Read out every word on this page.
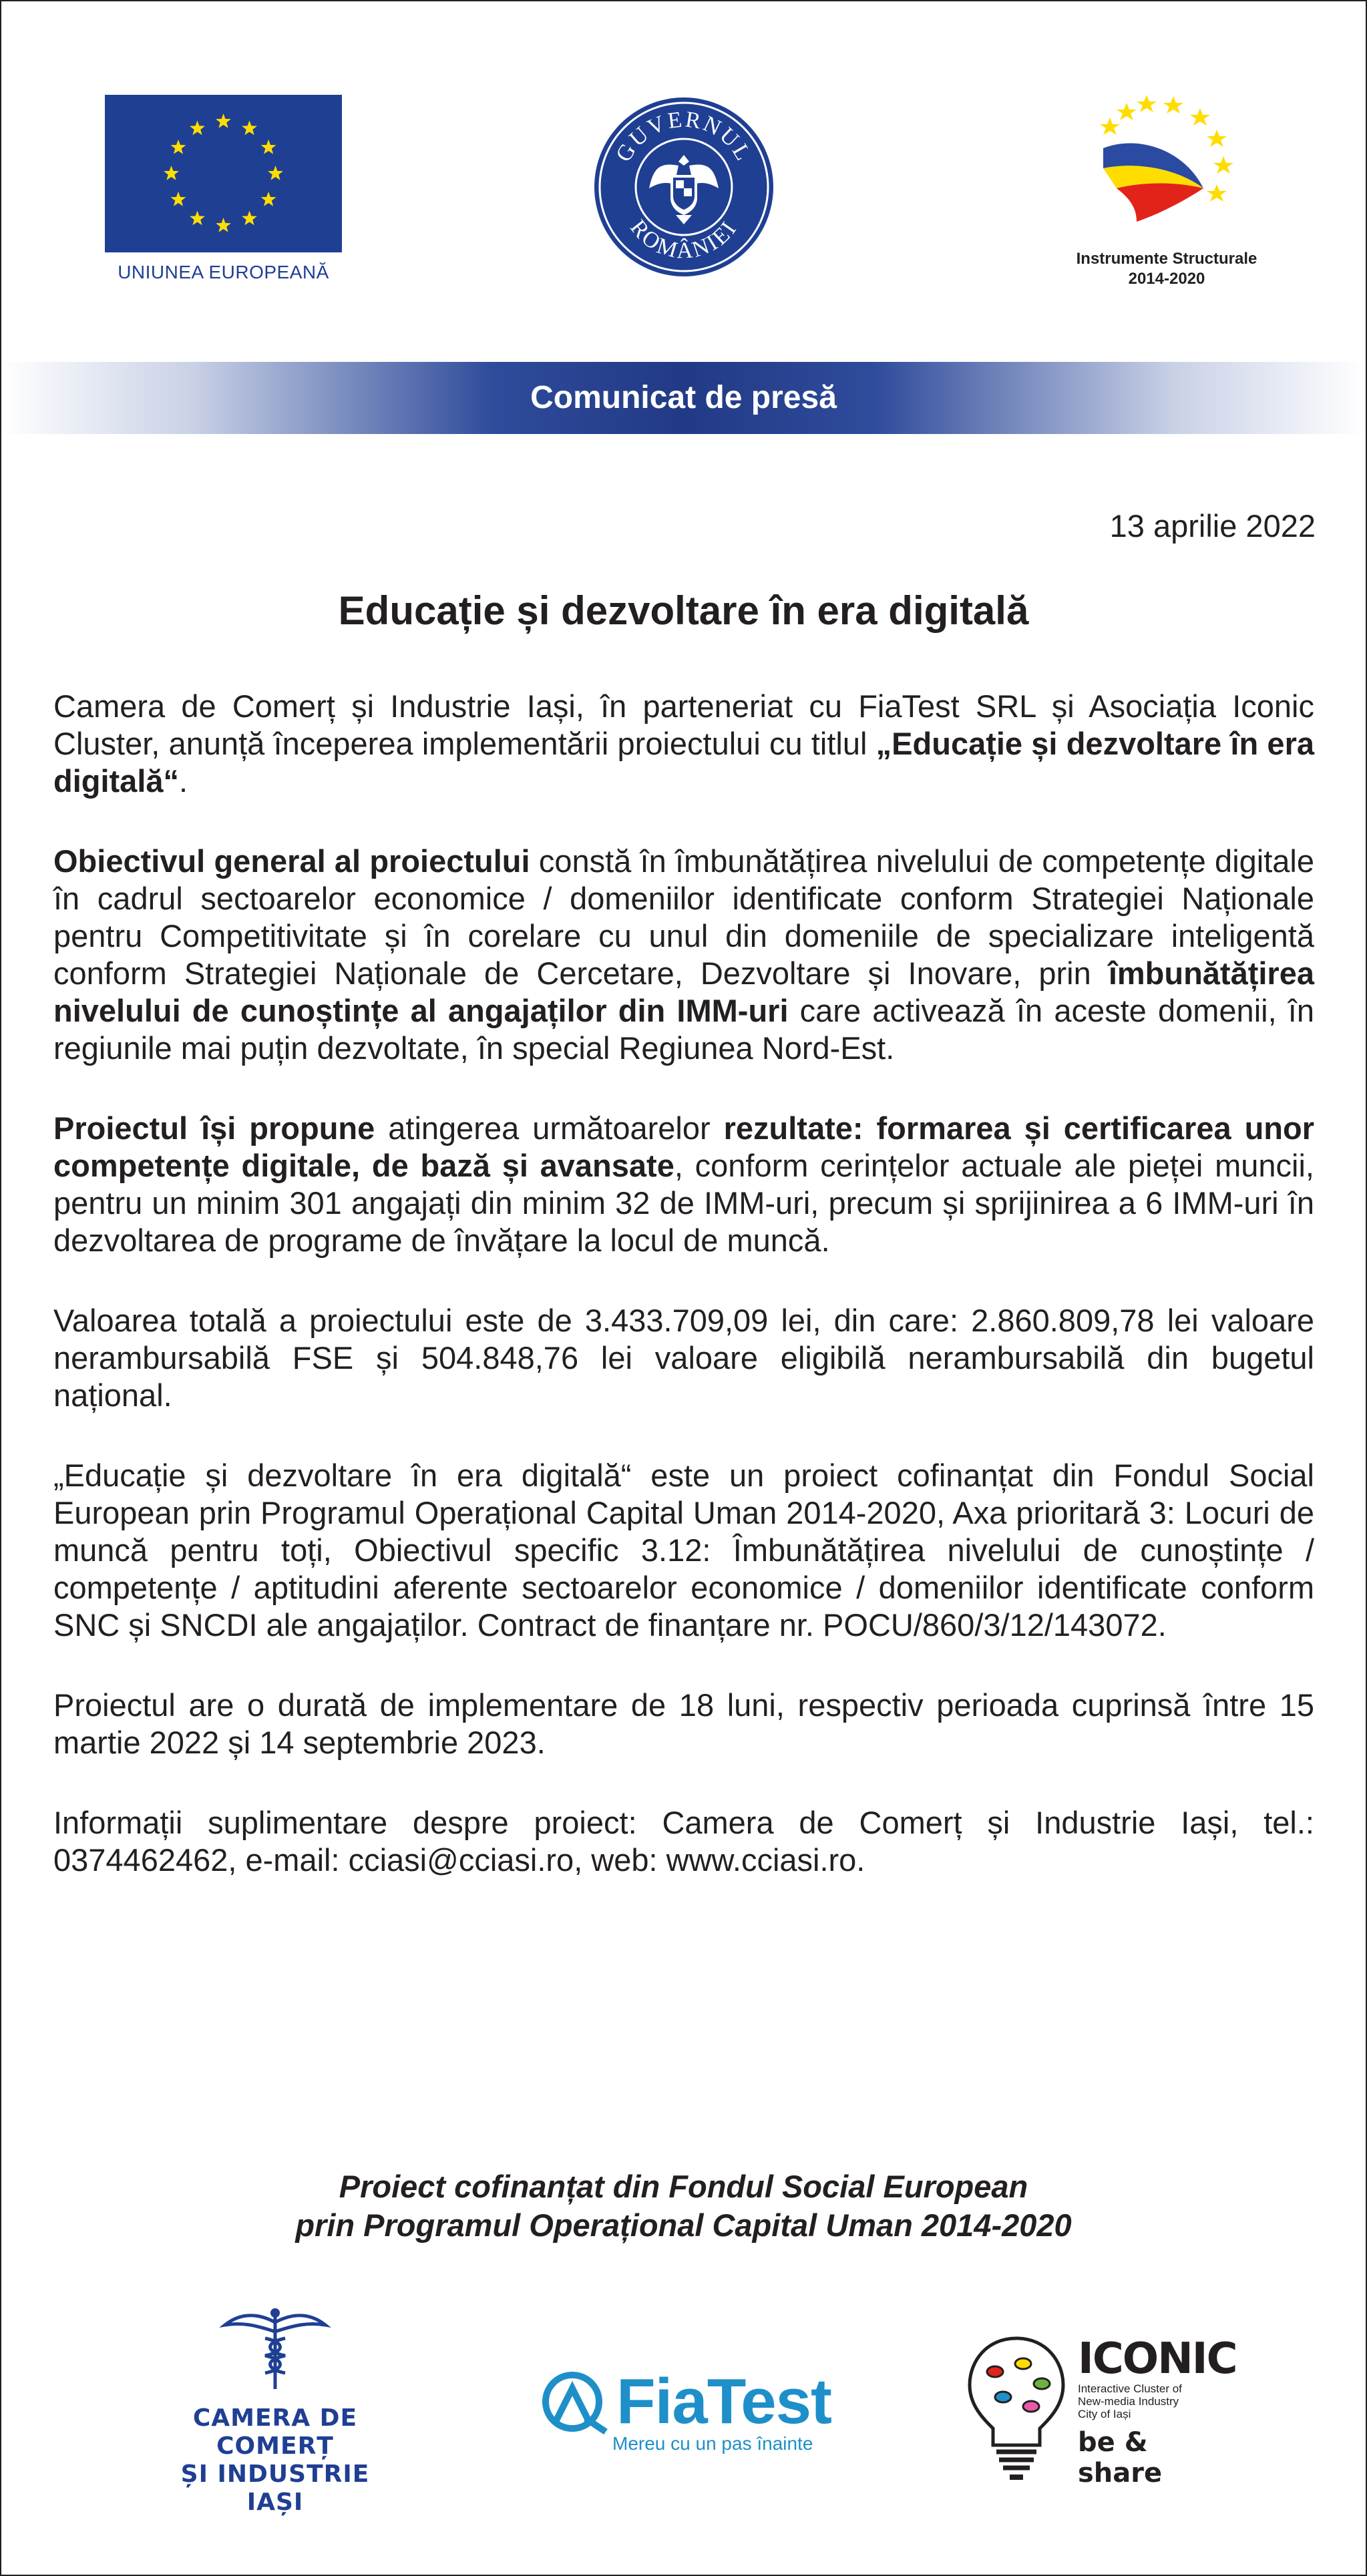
UNIUNEA EUROPEANĂ
GUVERNUL
ROMÂNIEI
Instrumente Structurale
2014-2020
Comunicat de presă
13 aprilie 2022
Educație și dezvoltare în era digitală

Camera de Comerț și Industrie Iași, în parteneriat cu FiaTest SRL și Asociația Iconic Cluster, anunță începerea implementării proiectului cu titlul „Educație și dezvoltare în era digitală“.

Obiectivul general al proiectului constă în îmbunătățirea nivelului de competențe digitale în cadrul sectoarelor economice / domeniilor identificate conform Strategiei Naționale pentru Competitivitate și în corelare cu unul din domeniile de specializare inteligentă conform Strategiei Naționale de Cercetare, Dezvoltare și Inovare, prin îmbunătățirea nivelului de cunoștințe al angajaților din IMM-uri care activează în aceste domenii, în regiunile mai puțin dezvoltate, în special Regiunea Nord-Est.

Proiectul își propune atingerea următoarelor rezultate: formarea și certificarea unor competențe digitale, de bază și avansate, conform cerințelor actuale ale pieței muncii, pentru un minim 301 angajați din minim 32 de IMM-uri, precum și sprijinirea a 6 IMM-uri în dezvoltarea de programe de învățare la locul de muncă.

Valoarea totală a proiectului este de 3.433.709,09 lei, din care: 2.860.809,78 lei valoare nerambursabilă FSE și 504.848,76 lei valoare eligibilă nerambursabilă din bugetul național.

„Educație și dezvoltare în era digitală“ este un proiect cofinanțat din Fondul Social European prin Programul Operațional Capital Uman 2014-2020, Axa prioritară 3: Locuri de muncă pentru toți, Obiectivul specific 3.12: Îmbunătățirea nivelului de cunoștințe / competențe / aptitudini aferente sectoarelor economice / domeniilor identificate conform SNC și SNCDI ale angajaților. Contract de finanțare nr. POCU/860/3/12/143072.

Proiectul are o durată de implementare de 18 luni, respectiv perioada cuprinsă între 15 martie 2022 și 14 septembrie 2023.

Informații suplimentare despre proiect: Camera de Comerț și Industrie Iași, tel.: 0374462462, e-mail: cciasi@cciasi.ro, web: www.cciasi.ro.

Proiect cofinanțat din Fondul Social European
prin Programul Operațional Capital Uman 2014-2020
CAMERA DE COMERȚ
ȘI INDUSTRIE
IAȘI
FiaTest
Mereu cu un pas înainte
ICONIC
Interactive Cluster of
New-media Industry
City of Iași
be & share
